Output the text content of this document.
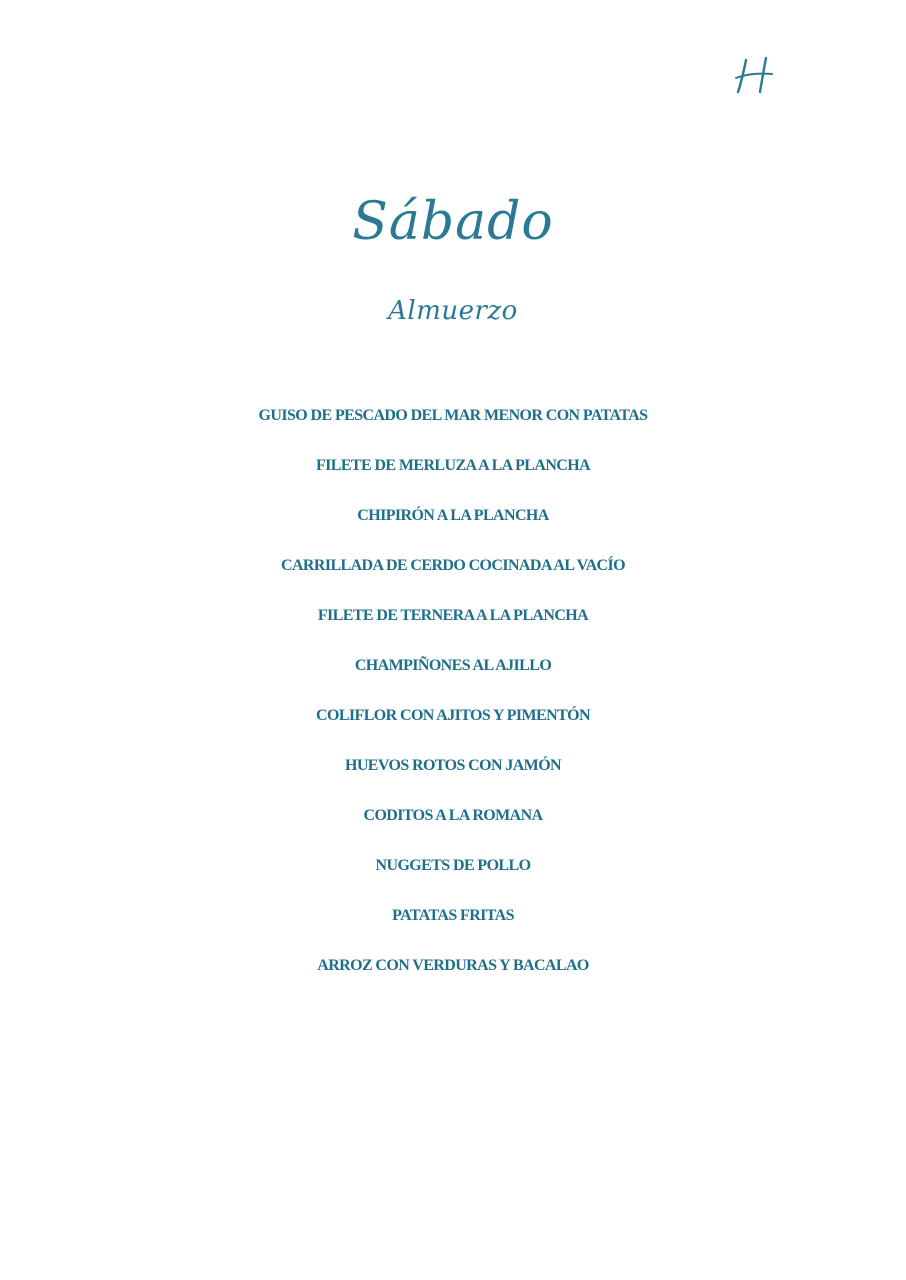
Sábado
Almuerzo
GUISO DE PESCADO DEL MAR MENOR CON PATATAS
FILETE DE MERLUZA A LA PLANCHA
CHIPIRÓN A LA PLANCHA
CARRILLADA DE CERDO COCINADA AL VACÍO
FILETE DE TERNERA A LA PLANCHA
CHAMPIÑONES AL AJILLO
COLIFLOR CON AJITOS Y PIMENTÓN
HUEVOS ROTOS CON JAMÓN
CODITOS A LA ROMANA
NUGGETS DE POLLO
PATATAS FRITAS
ARROZ CON VERDURAS Y BACALAO
